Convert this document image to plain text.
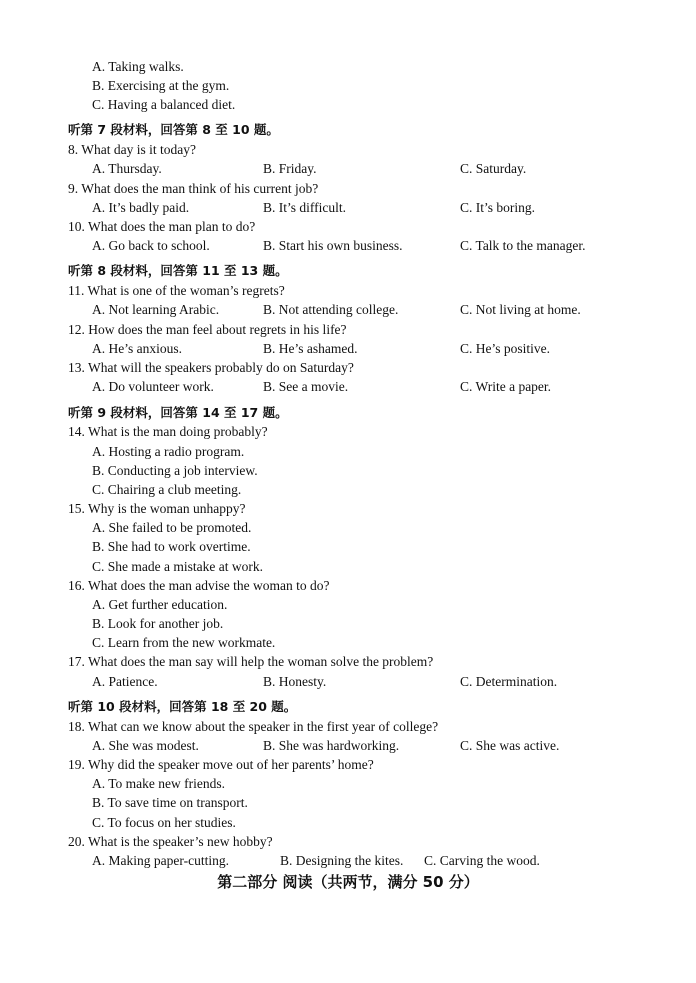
A. Taking walks.
B. Exercising at the gym.
C. Having a balanced diet.
听第 7 段材料，回答第 8 至 10 题。
8. What day is it today?
A. Thursday.	B. Friday.	C. Saturday.
9. What does the man think of his current job?
A. It’s badly paid.	B. It’s difficult.	C. It’s boring.
10. What does the man plan to do?
A. Go back to school.	B. Start his own business.	C. Talk to the manager.
听第 8 段材料，回答第 11 至 13 题。
11. What is one of the woman’s regrets?
A. Not learning Arabic.	B. Not attending college.	C. Not living at home.
12. How does the man feel about regrets in his life?
A. He’s anxious.	B. He’s ashamed.	C. He’s positive.
13. What will the speakers probably do on Saturday?
A. Do volunteer work.	B. See a movie.	C. Write a paper.
听第 9 段材料，回答第 14 至 17 题。
14. What is the man doing probably?
A. Hosting a radio program.
B. Conducting a job interview.
C. Chairing a club meeting.
15. Why is the woman unhappy?
A. She failed to be promoted.
B. She had to work overtime.
C. She made a mistake at work.
16. What does the man advise the woman to do?
A. Get further education.
B. Look for another job.
C. Learn from the new workmate.
17. What does the man say will help the woman solve the problem?
A. Patience.	B. Honesty.	C. Determination.
听第 10 段材料，回答第 18 至 20 题。
18. What can we know about the speaker in the first year of college?
A. She was modest.	B. She was hardworking.	C. She was active.
19. Why did the speaker move out of her parents’ home?
A. To make new friends.
B. To save time on transport.
C. To focus on her studies.
20. What is the speaker’s new hobby?
A. Making paper-cutting.	B. Designing the kites. C. Carving the wood.
第二部分 阅读（共两节，满分 50 分）
